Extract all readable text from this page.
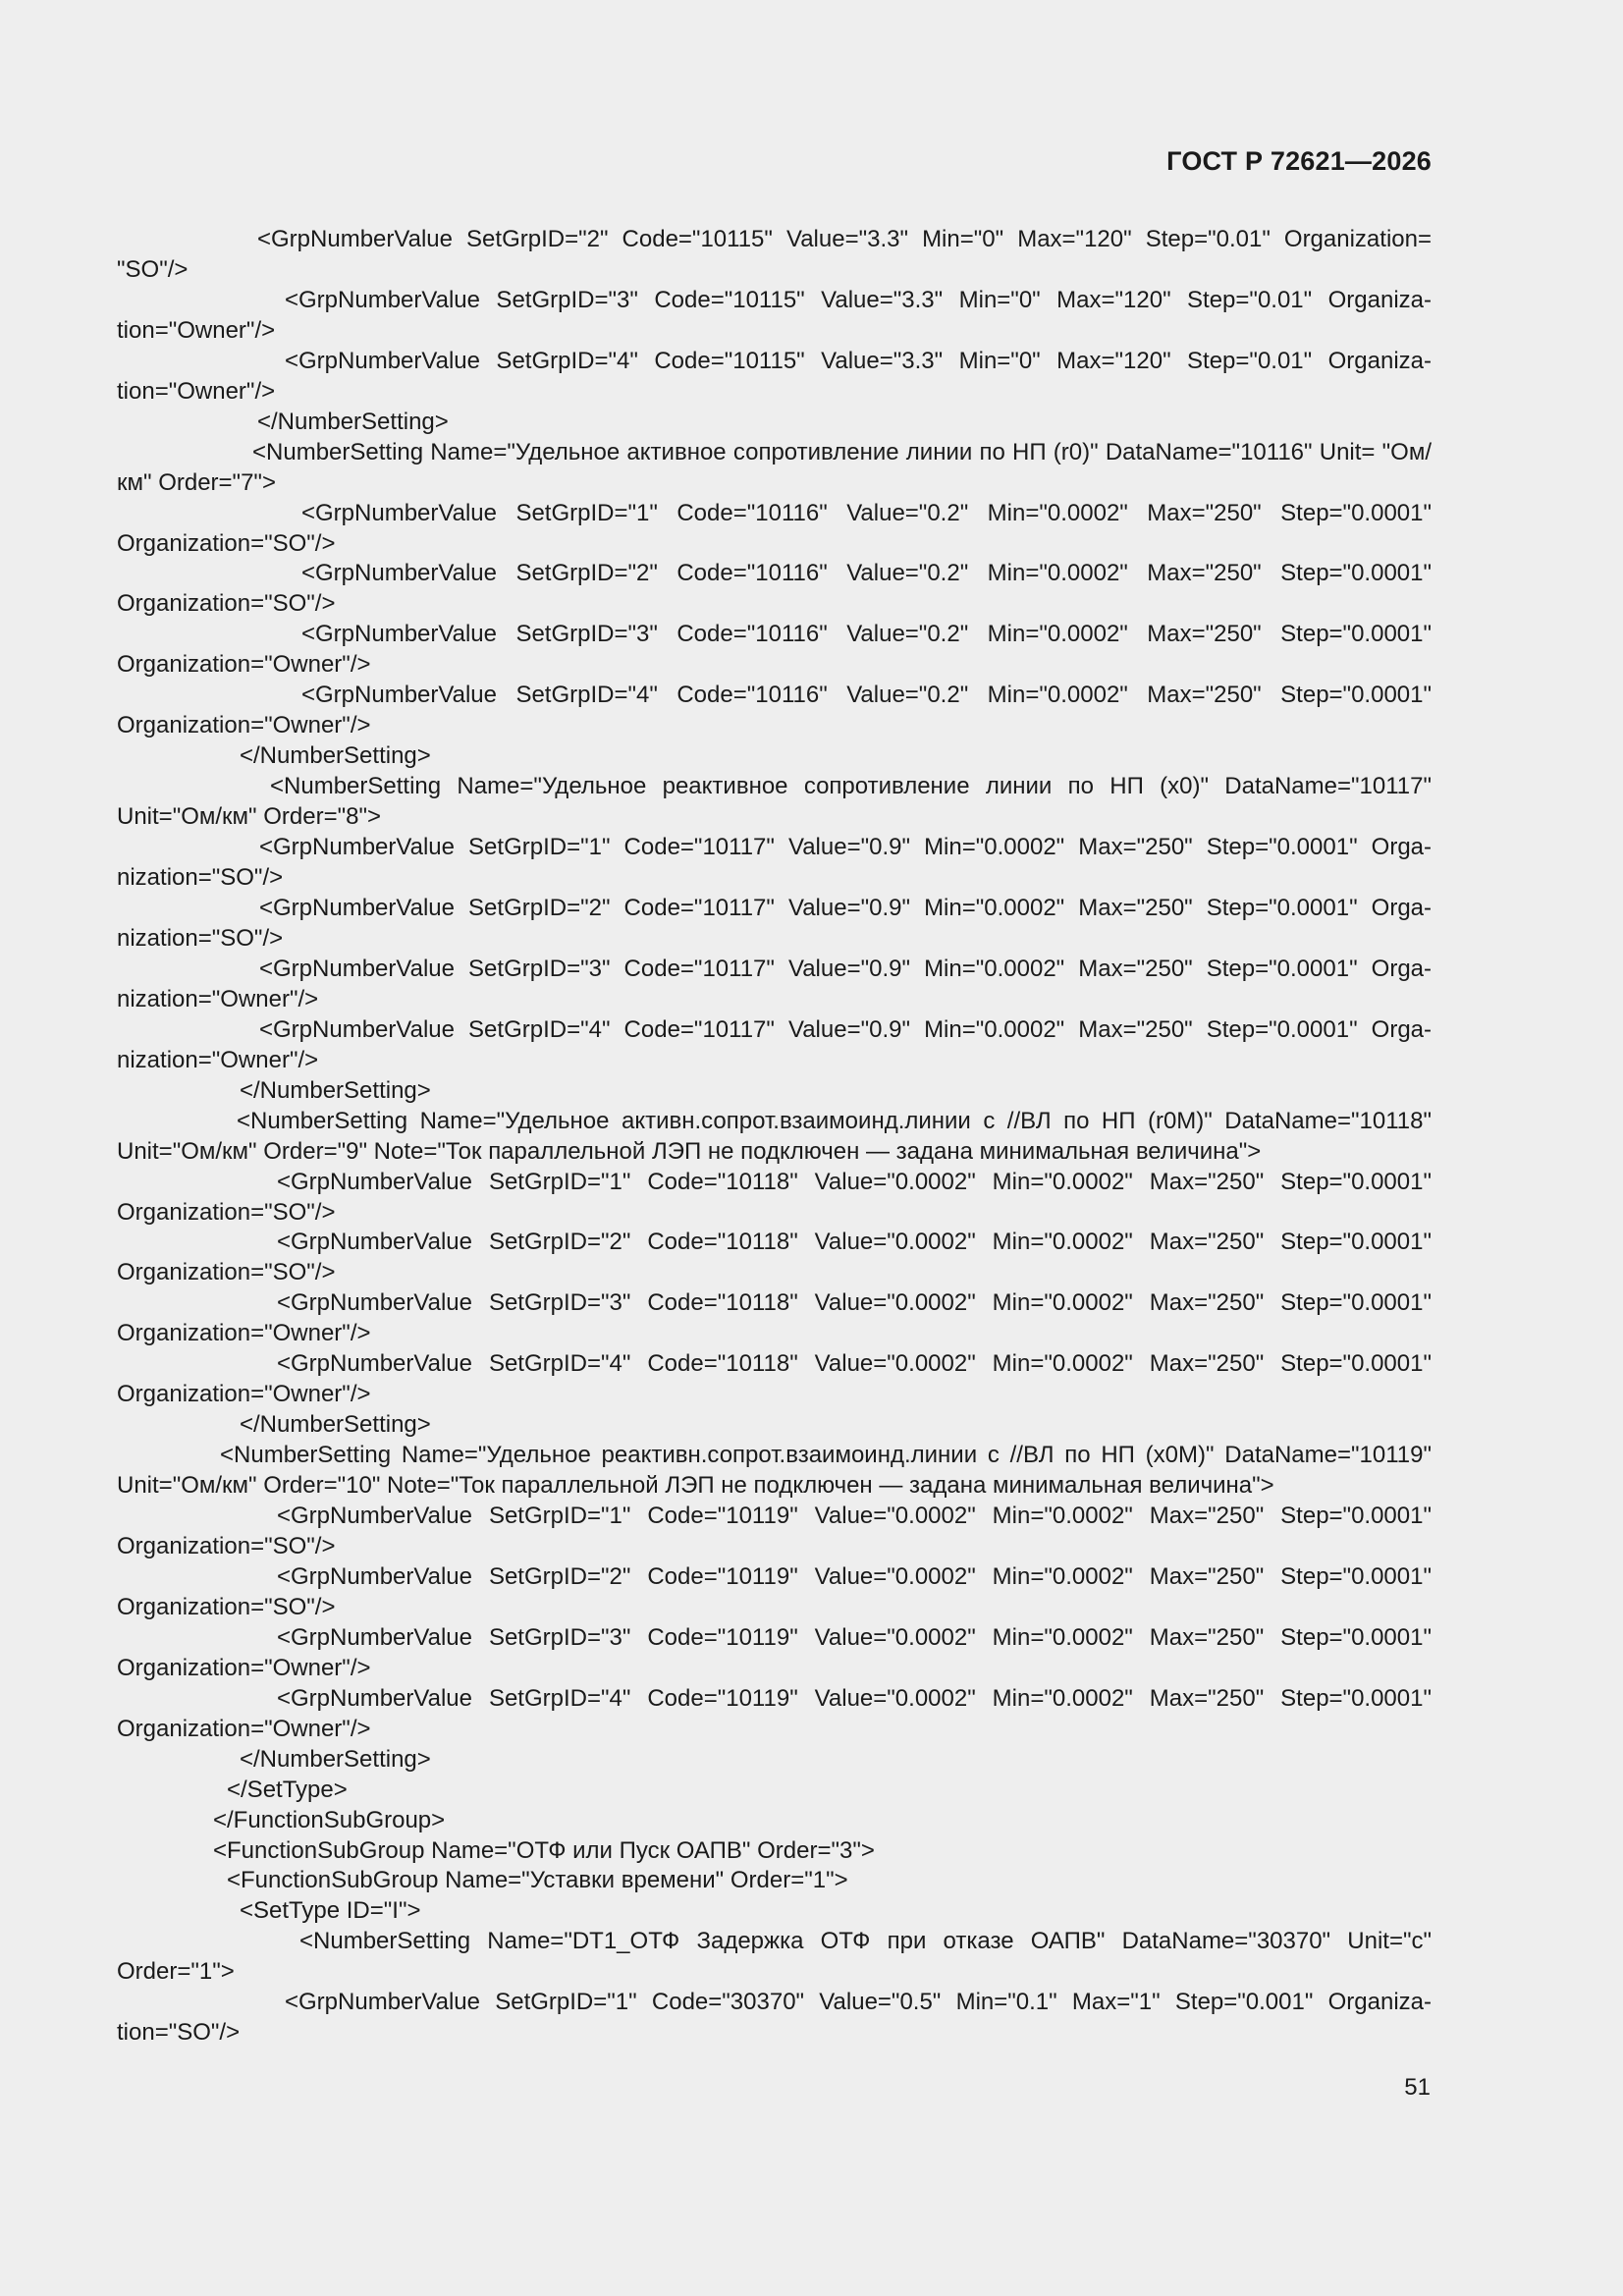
ГОСТ Р 72621—2026
<GrpNumberValue SetGrpID="2" Code="10115" Value="3.3" Min="0" Max="120" Step="0.01" Organization= "SO"/>
<GrpNumberValue SetGrpID="3" Code="10115" Value="3.3" Min="0" Max="120" Step="0.01" Organiza-tion="Owner"/>
<GrpNumberValue SetGrpID="4" Code="10115" Value="3.3" Min="0" Max="120" Step="0.01" Organiza-tion="Owner"/>
</NumberSetting>
<NumberSetting Name="Удельное активное сопротивление линии по НП (r0)" DataName="10116" Unit= "Ом/км" Order="7">
<GrpNumberValue SetGrpID="1" Code="10116" Value="0.2" Min="0.0002" Max="250" Step="0.0001" Organization="SO"/>
<GrpNumberValue SetGrpID="2" Code="10116" Value="0.2" Min="0.0002" Max="250" Step="0.0001" Organization="SO"/>
<GrpNumberValue SetGrpID="3" Code="10116" Value="0.2" Min="0.0002" Max="250" Step="0.0001" Organization="Owner"/>
<GrpNumberValue SetGrpID="4" Code="10116" Value="0.2" Min="0.0002" Max="250" Step="0.0001" Organization="Owner"/>
</NumberSetting>
<NumberSetting Name="Удельное реактивное сопротивление линии по НП (x0)" DataName="10117" Unit="Ом/км" Order="8">
<GrpNumberValue SetGrpID="1" Code="10117" Value="0.9" Min="0.0002" Max="250" Step="0.0001" Orga-nization="SO"/>
<GrpNumberValue SetGrpID="2" Code="10117" Value="0.9" Min="0.0002" Max="250" Step="0.0001" Orga-nization="SO"/>
<GrpNumberValue SetGrpID="3" Code="10117" Value="0.9" Min="0.0002" Max="250" Step="0.0001" Orga-nization="Owner"/>
<GrpNumberValue SetGrpID="4" Code="10117" Value="0.9" Min="0.0002" Max="250" Step="0.0001" Orga-nization="Owner"/>
</NumberSetting>
<NumberSetting Name="Удельное активн.сопрот.взаимоинд.линии с //ВЛ по НП (r0M)" DataName="10118" Unit="Ом/км" Order="9" Note="Ток параллельной ЛЭП не подключен — задана минимальная величина">
<GrpNumberValue SetGrpID="1" Code="10118" Value="0.0002" Min="0.0002" Max="250" Step="0.0001" Organization="SO"/>
<GrpNumberValue SetGrpID="2" Code="10118" Value="0.0002" Min="0.0002" Max="250" Step="0.0001" Organization="SO"/>
<GrpNumberValue SetGrpID="3" Code="10118" Value="0.0002" Min="0.0002" Max="250" Step="0.0001" Organization="Owner"/>
<GrpNumberValue SetGrpID="4" Code="10118" Value="0.0002" Min="0.0002" Max="250" Step="0.0001" Organization="Owner"/>
</NumberSetting>
<NumberSetting Name="Удельное реактивн.сопрот.взаимоинд.линии с //ВЛ по НП (x0M)" DataName="10119" Unit="Ом/км" Order="10" Note="Ток параллельной ЛЭП не подключен — задана минимальная величина">
<GrpNumberValue SetGrpID="1" Code="10119" Value="0.0002" Min="0.0002" Max="250" Step="0.0001" Organization="SO"/>
<GrpNumberValue SetGrpID="2" Code="10119" Value="0.0002" Min="0.0002" Max="250" Step="0.0001" Organization="SO"/>
<GrpNumberValue SetGrpID="3" Code="10119" Value="0.0002" Min="0.0002" Max="250" Step="0.0001" Organization="Owner"/>
<GrpNumberValue SetGrpID="4" Code="10119" Value="0.0002" Min="0.0002" Max="250" Step="0.0001" Organization="Owner"/>
</NumberSetting>
</SetType>
</FunctionSubGroup>
<FunctionSubGroup Name="ОТФ или Пуск ОАПВ" Order="3">
<FunctionSubGroup Name="Уставки времени" Order="1">
<SetType ID="I">
<NumberSetting Name="DT1_ОТФ Задержка ОТФ при отказе ОАПВ" DataName="30370" Unit="с" Order="1">
<GrpNumberValue SetGrpID="1" Code="30370" Value="0.5" Min="0.1" Max="1" Step="0.001" Organiza-tion="SO"/>
51
